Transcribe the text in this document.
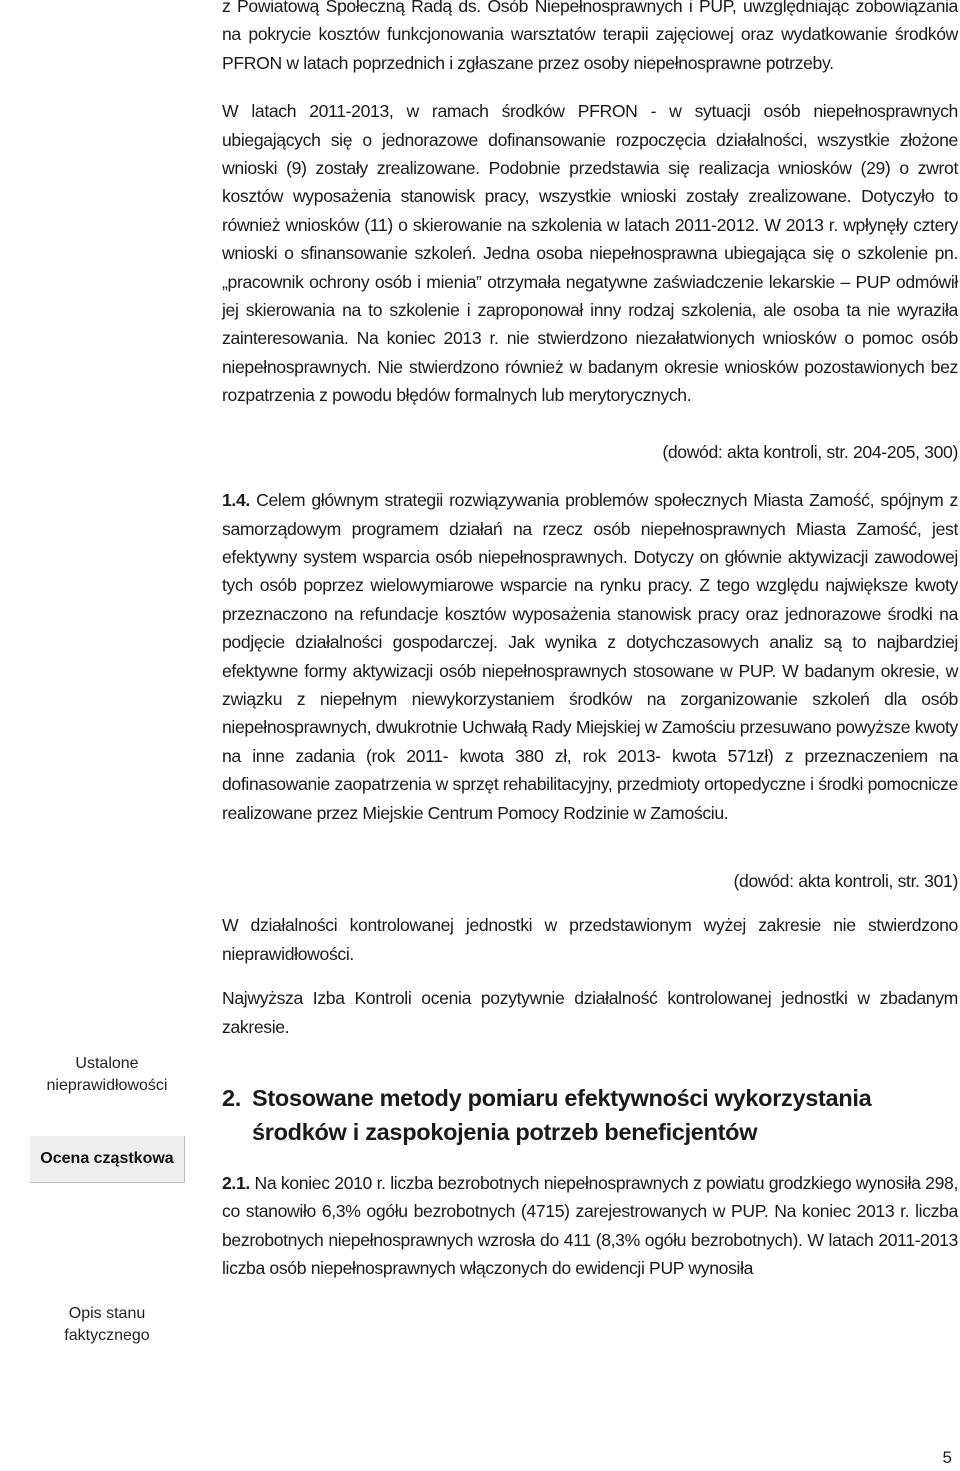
z Powiatową Społeczną Radą ds. Osób Niepełnosprawnych i PUP, uwzględniając zobowiązania na pokrycie kosztów funkcjonowania warsztatów terapii zajęciowej oraz wydatkowanie środków PFRON w latach poprzednich i zgłaszane przez osoby niepełnosprawne potrzeby.

W latach 2011-2013, w ramach środków PFRON - w sytuacji osób niepełnosprawnych ubiegających się o jednorazowe dofinansowanie rozpoczęcia działalności, wszystkie złożone wnioski (9) zostały zrealizowane. Podobnie przedstawia się realizacja wniosków (29) o zwrot kosztów wyposażenia stanowisk pracy, wszystkie wnioski zostały zrealizowane. Dotyczyło to również wniosków (11) o skierowanie na szkolenia w latach 2011-2012. W 2013 r. wpłynęły cztery wnioski o sfinansowanie szkoleń. Jedna osoba niepełnosprawna ubiegająca się o szkolenie pn. „pracownik ochrony osób i mienia” otrzymała negatywne zaświadczenie lekarskie – PUP odmówił jej skierowania na to szkolenie i zaproponował inny rodzaj szkolenia, ale osoba ta nie wyraziła zainteresowania. Na koniec 2013 r. nie stwierdzono niezałatwionych wniosków o pomoc osób niepełnosprawnych. Nie stwierdzono również w badanym okresie wniosków pozostawionych bez rozpatrzenia z powodu błędów formalnych lub merytorycznych.

(dowód: akta kontroli, str. 204-205, 300)

1.4. Celem głównym strategii rozwiązywania problemów społecznych Miasta Zamość, spójnym z samorządowym programem działań na rzecz osób niepełnosprawnych Miasta Zamość, jest efektywny system wsparcia osób niepełnosprawnych. Dotyczy on głównie aktywizacji zawodowej tych osób poprzez wielowymiarowe wsparcie na rynku pracy. Z tego względu największe kwoty przeznaczono na refundacje kosztów wyposażenia stanowisk pracy oraz jednorazowe środki na podjęcie działalności gospodarczej. Jak wynika z dotychczasowych analiz są to najbardziej efektywne formy aktywizacji osób niepełnosprawnych stosowane w PUP. W badanym okresie, w związku z niepełnym niewykorzystaniem środków na zorganizowanie szkoleń dla osób niepełnosprawnych, dwukrotnie Uchwałą Rady Miejskiej w Zamościu przesuwano powyższe kwoty na inne zadania (rok 2011- kwota 380 zł, rok 2013- kwota 571zł) z przeznaczeniem na dofinasowanie zaopatrzenia w sprzęt rehabilitacyjny, przedmioty ortopedyczne i środki pomocnicze realizowane przez Miejskie Centrum Pomocy Rodzinie w Zamościu.

(dowód: akta kontroli, str. 301)

W działalności kontrolowanej jednostki w przedstawionym wyżej zakresie nie stwierdzono nieprawidłowości.

Najwyższa Izba Kontroli ocenia pozytywnie działalność kontrolowanej jednostki w zbadanym zakresie.

2. Stosowane metody pomiaru efektywności wykorzystania środków i zaspokojenia potrzeb beneficjentów

2.1. Na koniec 2010 r. liczba bezrobotnych niepełnosprawnych z powiatu grodzkiego wynosiła 298, co stanowiło 6,3% ogółu bezrobotnych (4715) zarejestrowanych w PUP. Na koniec 2013 r. liczba bezrobotnych niepełnosprawnych wzrosła do 411 (8,3% ogółu bezrobotnych). W latach 2011-2013 liczba osób niepełnosprawnych włączonych do ewidencji PUP wynosiła

Ustalone nieprawidłowości
Ocena cząstkowa
Opis stanu faktycznego
5
